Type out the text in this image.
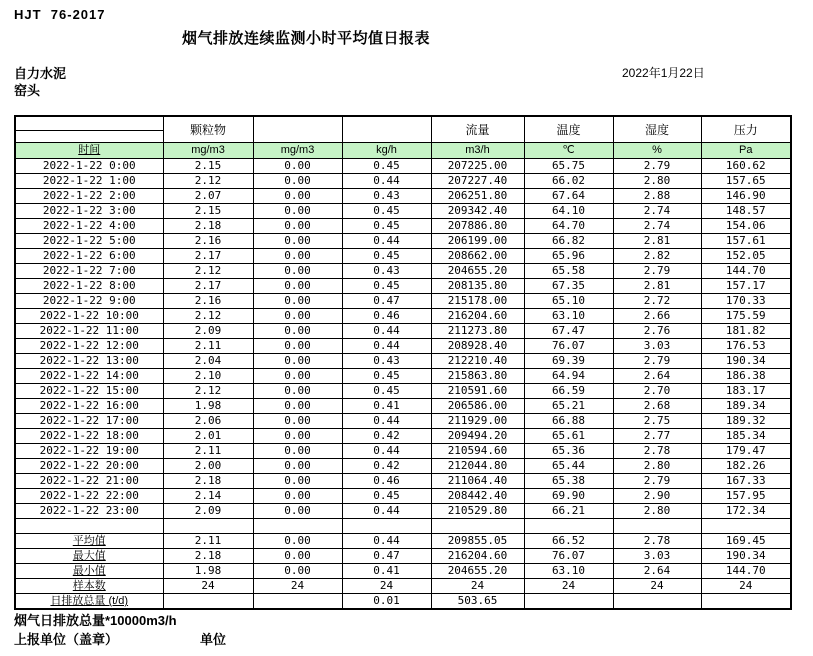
HJT  76-2017
烟气排放连续监测小时平均值日报表
自力水泥
窑头
2022年1月22日
	颗粒物			流量	温度	湿度	压力
时间	mg/m3	mg/m3	kg/h	m3/h	℃	%	Pa
2022-1-22 0:00	2.15	0.00	0.45	207225.00	65.75	2.79	160.62
2022-1-22 1:00	2.12	0.00	0.44	207227.40	66.02	2.80	157.65
2022-1-22 2:00	2.07	0.00	0.43	206251.80	67.64	2.88	146.90
2022-1-22 3:00	2.15	0.00	0.45	209342.40	64.10	2.74	148.57
2022-1-22 4:00	2.18	0.00	0.45	207886.80	64.70	2.74	154.06
2022-1-22 5:00	2.16	0.00	0.44	206199.00	66.82	2.81	157.61
2022-1-22 6:00	2.17	0.00	0.45	208662.00	65.96	2.82	152.05
2022-1-22 7:00	2.12	0.00	0.43	204655.20	65.58	2.79	144.70
2022-1-22 8:00	2.17	0.00	0.45	208135.80	67.35	2.81	157.17
2022-1-22 9:00	2.16	0.00	0.47	215178.00	65.10	2.72	170.33
2022-1-22 10:00	2.12	0.00	0.46	216204.60	63.10	2.66	175.59
2022-1-22 11:00	2.09	0.00	0.44	211273.80	67.47	2.76	181.82
2022-1-22 12:00	2.11	0.00	0.44	208928.40	76.07	3.03	176.53
2022-1-22 13:00	2.04	0.00	0.43	212210.40	69.39	2.79	190.34
2022-1-22 14:00	2.10	0.00	0.45	215863.80	64.94	2.64	186.38
2022-1-22 15:00	2.12	0.00	0.45	210591.60	66.59	2.70	183.17
2022-1-22 16:00	1.98	0.00	0.41	206586.00	65.21	2.68	189.34
2022-1-22 17:00	2.06	0.00	0.44	211929.00	66.88	2.75	189.32
2022-1-22 18:00	2.01	0.00	0.42	209494.20	65.61	2.77	185.34
2022-1-22 19:00	2.11	0.00	0.44	210594.60	65.36	2.78	179.47
2022-1-22 20:00	2.00	0.00	0.42	212044.80	65.44	2.80	182.26
2022-1-22 21:00	2.18	0.00	0.46	211064.40	65.38	2.79	167.33
2022-1-22 22:00	2.14	0.00	0.45	208442.40	69.90	2.90	157.95
2022-1-22 23:00	2.09	0.00	0.44	210529.80	66.21	2.80	172.34

平均值	2.11	0.00	0.44	209855.05	66.52	2.78	169.45
最大值	2.18	0.00	0.47	216204.60	76.07	3.03	190.34
最小值	1.98	0.00	0.41	204655.20	63.10	2.64	144.70
样本数	24	24	24	24	24	24	24
日排放总量 (t/d)			0.01	503.65			
烟气日排放总量*10000m3/h
上报单位（盖章）	单位
